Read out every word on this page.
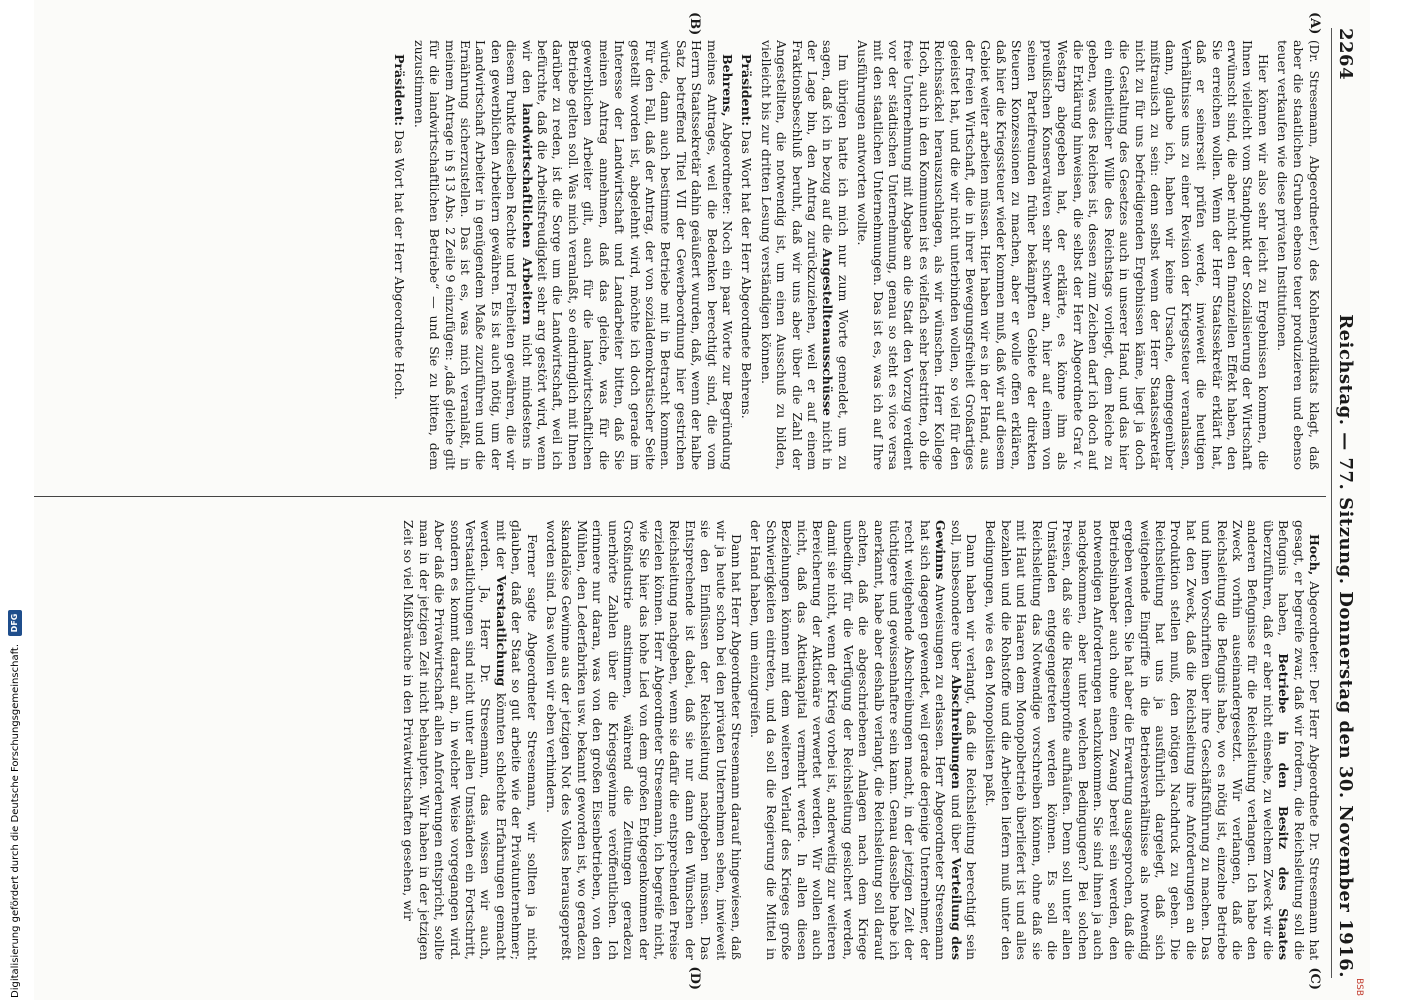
2264
Reichstag. — 77. Sitzung. Donnerstag den 30. November 1916.
(A)
(B)
(C)
(D)

(Dr. Stresemann, Abgeordneter.) des Kohlensyndikats klagt, daß aber die staatlichen Gruben ebenso teuer produzieren und ebenso teuer verkaufen wie diese privaten Institutionen.

Hier können wir also sehr leicht zu Ergebnissen kommen, die Ihnen vielleicht vom Standpunkt der Sozialisierung der Wirtschaft erwünscht sind, die aber nicht den finanziellen Effekt haben, den Sie erreichen wollen. Wenn der Herr Staatssekretär erklärt hat, daß er seinerseit prüfen werde, inwieweit die heutigen Verhältnisse uns zu einer Revision der Kriegssteuer veranlassen, dann, glaube ich, haben wir keine Ursache, demgegenüber mißtrauisch zu sein: denn selbst wenn der Herr Staatssekretär nicht zu für uns befriedigenden Ergebnissen käme, liegt ja doch die Gestaltung des Gesetzes auch in unserer Hand, und das hier ein einheitlicher Wille des Reichstags vorliegt, dem Reiche zu geben, was des Reiches ist, dessen zum Zeichen darf ich doch auf die Erklärung hinweisen, die selbst der Herr Abgeordnete Graf v. Westarp abgegeben hat, der erklärte, es könne ihm als preußischen Konservativen sehr schwer an, hier auf einem von seinen Parteifreunden früher bekämpften Gebiete der direkten Steuern Konzessionen zu machen, aber er wolle offen erklären, daß hier die Kriegssteuer wieder kommen muß, daß wir auf diesem Gebiet weiter arbeiten müssen. Hier haben wir es in der Hand, aus der freien Wirtschaft, die in ihrer Bewegungsfreiheit Großartiges geleistet hat, und die wir nicht unterbinden wollen, so viel für den Reichssäckel herauszuschlagen, als wir wünschen. Herr Kollege Hoch, auch in den Kommunen ist es vielfach sehr bestritten, ob die freie Unternehmung mit Abgabe an die Stadt den Vorzug verdient vor der städtischen Unternehmung, genau so steht es vice versa mit den staatlichen Unternehmungen. Das ist es, was ich auf Ihre Ausführungen antworten wollte.

Im übrigen hatte ich mich nur zum Worte gemeldet, um zu sagen, daß ich in bezug auf die Angestelltenausschüsse nicht in der Lage bin, den Antrag zurückzuziehen, weil er auf einem Fraktionsbeschluß beruht, daß wir uns aber über die Zahl der Angestellten, die notwendig ist, um einen Ausschuß zu bilden, vielleicht bis zur dritten Lesung verständigen können.

Präsident: Das Wort hat der Herr Abgeordnete Behrens.

Behrens, Abgeordneter: Noch ein paar Worte zur Begründung meines Antrages, weil die Bedenken berechtigt sind, die vom Herrn Staatssekretär dahin geäußert wurden, daß, wenn der halbe Satz betreffend Titel VII der Gewerbeordnung hier gestrichen würde, dann auch bestimmte Betriebe mit in Betracht kommen. Für den Fall, daß der Antrag, der von sozialdemokratischer Seite gestellt worden ist, abgelehnt wird, möchte ich doch gerade im Interesse der Landwirtschaft und Landarbeiter bitten, daß Sie meinen Antrag annehmen, daß das gleiche, was für die gewerblichen Arbeiter gilt, auch für die landwirtschaftlichen Betriebe gelten soll. Was mich veranlaßt, so eindringlich mit Ihnen darüber zu reden, ist die Sorge um die Landwirtschaft, weil ich befürchte, daß die Arbeitsfreudigkeit sehr arg gestört wird, wenn wir den landwirtschaftlichen Arbeitern nicht mindestens in diesem Punkte dieselben Rechte und Freiheiten gewähren, die wir den gewerblichen Arbeitern gewähren. Es ist auch nötig, um der Landwirtschaft Arbeiter in genügendem Maße zuzuführen und die Ernährung sicherzustellen. Das ist es, was mich veranlaßt, in meinem Antrage in § 13 Abs. 2 Zeile 9 einzufügen: „daß gleiche gilt für die landwirtschaftlichen Betriebe“ — und Sie zu bitten, dem zuzustimmen.

Präsident: Das Wort hat der Herr Abgeordnete Hoch.

Hoch, Abgeordneter: Der Herr Abgeordnete Dr. Stresemann hat gesagt, er begreife zwar, daß wir fordern, die Reichsleitung soll die Befugnis haben, Betriebe in den Besitz des Staates überzuführen, daß er aber nicht einsehe, zu welchem Zweck wir die anderen Befugnisse für die Reichsleitung verlangen. Ich habe den Zweck vorhin auseinandergesetzt. Wir verlangen, daß die Reichsleitung die Befugnis habe, wo es nötig ist, einzelne Betriebe und ihnen Vorschriften über ihre Geschäftsführung zu machen. Das hat den Zweck, daß die Reichsleitung ihre Anforderungen an die Produktion stellen muß, den nötigen Nachdruck zu geben. Die Reichsleitung hat uns ja ausführlich dargelegt, daß sich weitgehende Eingriffe in die Betriebsverhältnisse als notwendig ergeben werden. Sie hat aber die Erwartung ausgesprochen, daß die Betriebsinhaber auch ohne einen Zwang bereit sein werden, den notwendigen Anforderungen nachzukommen. Sie sind ihnen ja auch nachgekommen, aber unter welchen Bedingungen? Bei solchen Preisen, daß sie die Riesenprofite aufhäufen. Denn soll unter allen Umständen entgegengetreten werden können. Es soll die Reichsleitung das Notwendige vorschreiben können, ohne daß sie mit Haut und Haaren dem Monopolbetrieb überliefert ist und alles bezahlen und die Rohstoffe und die Arbeiten liefern muß unter den Bedingungen, wie es den Monopolisten paßt.

Dann haben wir verlangt, daß die Reichsleitung berechtigt sein soll, insbesondere über Abschreibungen und über Verteilung des Gewinns Anweisungen zu erlassen. Herr Abgeordneter Stresemann hat sich dagegen gewendet, weil gerade derjenige Unternehmer, der recht weitgehende Abschreibungen macht, in der jetzigen Zeit der tüchtigere und gewissenhaftere sein kann. Genau dasselbe habe ich anerkannt, habe aber deshalb verlangt, die Reichsleitung soll darauf achten, daß die abgeschriebenen Anlagen nach dem Kriege unbedingt für die Verfügung der Reichsleitung gesichert werden, damit sie nicht, wenn der Krieg vorbei ist, anderweitig zur weiteren Bereicherung der Aktionäre verwertet werden. Wir wollen auch nicht, daß das Aktienkapital vermehrt werde. In allen diesen Beziehungen können mit dem weiteren Verlauf des Krieges große Schwierigkeiten eintreten, und da soll die Regierung die Mittel in der Hand haben, um einzugreifen.

Dann hat Herr Abgeordneter Stresemann darauf hingewiesen, daß wir ja heute schon bei den privaten Unternehmen sehen, inwieweit sie den Einflüssen der Reichsleitung nachgeben müssen. Das Entsprechende ist dabei, daß sie nur dann den Wünschen der Reichsleitung nachgeben, wenn sie dafür die entsprechenden Preise erzielen können. Herr Abgeordneter Stresemann, ich begreife nicht, wie Sie hier das hohe Lied von dem großen Entgegenkommen der Großindustrie anstimmen, während die Zeitungen geradezu unerhörte Zahlen über die Kriegsgewinne veröffentlichen. Ich erinnere nur daran, was von den großen Eisenbetrieben, von den Mühlen, den Lederfabriken usw. bekannt geworden ist, wo geradezu skandalöse Gewinne aus der jetzigen Not des Volkes herausgepreßt worden sind. Das wollen wir eben verhindern.

Ferner sagte Abgeordneter Stresemann, wir sollten ja nicht glauben, daß der Staat so gut arbeite wie der Privatunternehmer; mit der Verstaatlichung könnten schlechte Erfahrungen gemacht werden. Ja, Herr Dr. Stresemann, das wissen wir auch, Verstaatlichungen sind nicht unter allen Umständen ein Fortschritt, sondern es kommt darauf an, in welcher Weise vorgegangen wird. Aber daß die Privatwirtschaft allen Anforderungen entspricht, sollte man in der jetzigen Zeit nicht behaupten. Wir haben in der jetzigen Zeit so viel Mißbräuche in den Privatwirtschaften gesehen, wir

BSB
Digitalisierung gefördert durch die Deutsche Forschungsgemeinschaft.
DFG
